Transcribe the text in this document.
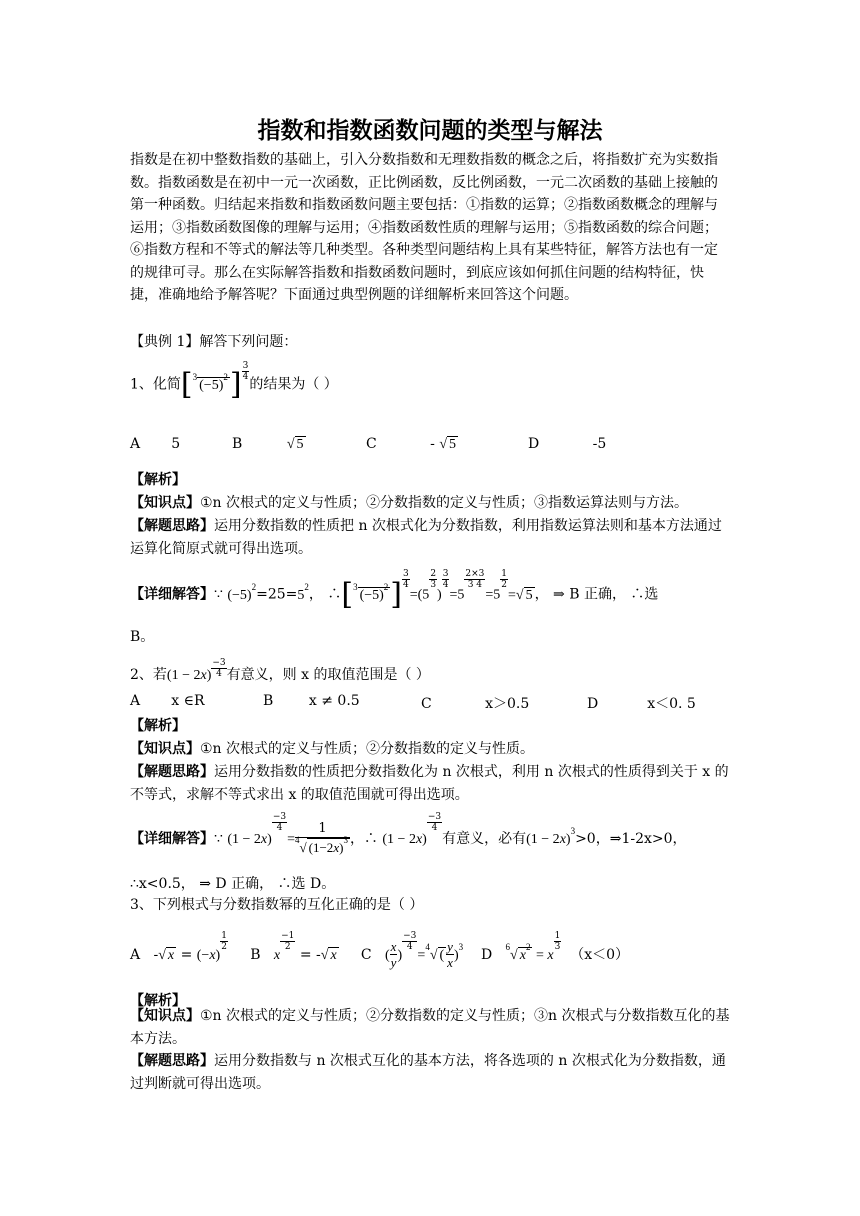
指数和指数函数问题的类型与解法
指数是在初中整数指数的基础上，引入分数指数和无理数指数的概念之后，将指数扩充为实数指数。指数函数是在初中一元一次函数，正比例函数，反比例函数，一元二次函数的基础上接触的第一种函数。归结起来指数和指数函数问题主要包括：①指数的运算；②指数函数概念的理解与运用；③指数函数图像的理解与运用；④指数函数性质的理解与运用；⑤指数函数的综合问题；⑥指数方程和不等式的解法等几种类型。各种类型问题结构上具有某些特征，解答方法也有一定的规律可寻。那么在实际解答指数和指数函数问题时，到底应该如何抓住问题的结构特征，快捷，准确地给予解答呢？下面通过典型例题的详细解析来回答这个问题。
【典例 1】解答下列问题：
1、化简$[^3(-5)^2] \frac{3}{4}$
的结果为（ ）
A 5	B	√ 5	C	- √ 5	D	-5
【解析】
【知识点】①n 次根式的定义与性质；②分数指数的定义与性质；③指数运算法则与方法。
【解题思路】运用分数指数的性质把 n 次根式化为分数指数，利用指数运算法则和基本方法通过运算化简原式就可得出选项。
【详细解答】∵ $(-5)^2=25=5^2$， $\therefore[^3(-5)^2] \frac{3}{4}$
=(5
$\frac{2}{3}$
)
$\frac{3}{4}$
=5
$\frac{2\times 3}{3 4}$
=5
$\frac{1}{2}$
=√ 5 ， ⇒ B 正确， ∴选
B。
2、若$(1 - 2x) \frac{-3}{4}$ 有意义，则 x 的取值范围是（ ）
A x ∈R	B	x ≠ 0.5	C	x＞0.5	D	x＜0. 5
【解析】
【知识点】①n 次根式的定义与性质；②分数指数的定义与性质。
【解题思路】运用分数指数的性质把分数指数化为 n 次根式，利用 n 次根式的性质得到关于 x 的不等式，求解不等式求出 x 的取值范围就可得出选项。
【详细解答】∵ (1 − 2x)
$\frac{-3}{4}$
= $\frac{1}{^4√ (1-2x)^3}$ ，∴ (1 − 2x)
$\frac{-3}{4}$
有意义，必有$(1 - 2x)^3>0$，⇒1-2x>0，
∴x<0.5， ⇒ D 正确， ∴选 D。
3、下列根式与分数指数幂的互化正确的是（ ）
A   -√ x = (−x)
$\frac{1}{2}$
B x
$\frac{-1}{2}$
= -√ x C ( $\frac{x}{y}$ )
$\frac{-3}{4}$
=$^4$√ ( $\frac{y}{x} )^3$ D $^6$√ $x^2 = x$
$\frac{1}{3}$
（x＜0）
【解析】
【知识点】①n 次根式的定义与性质；②分数指数的定义与性质；③n 次根式与分数指数互化的基本方法。
【解题思路】运用分数指数与 n 次根式互化的基本方法，将各选项的 n 次根式化为分数指数，通过判断就可得出选项。
